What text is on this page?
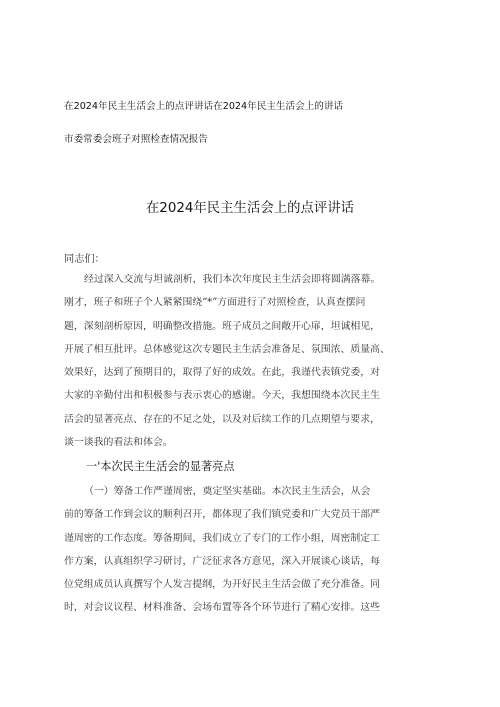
在2024年民主生活会上的点评讲话在2024年民主生活会上的讲话
市委常委会班子对照检查情况报告
在2024年民主生活会上的点评讲话
同志们：
经过深入交流与坦诚剖析，我们本次年度民主生活会即将圆满落幕。
刚才，班子和班子个人紧紧围绕“*”方面进行了对照检查，认真查摆问
题，深刻剖析原因，明确整改措施。班子成员之间敞开心扉，坦诚相见，
开展了相互批评。总体感觉这次专题民主生活会准备足、氛围浓、质量高、
效果好，达到了预期目的，取得了好的成效。在此，我谨代表镇党委，对
大家的辛勤付出和积极参与表示衷心的感谢。今天，我想围绕本次民主生
活会的显著亮点、存在的不足之处，以及对后续工作的几点期望与要求，
谈一谈我的看法和体会。
一'本次民主生活会的显著亮点
（一）筹备工作严谨周密，奠定坚实基础。本次民主生活会，从会
前的筹备工作到会议的顺利召开，都体现了我们镇党委和广大党员干部严
谨周密的工作态度。筹备期间，我们成立了专门的工作小组，周密制定工
作方案，认真组织学习研讨，广泛征求各方意见，深入开展谈心谈话，每
位党组成员认真撰写个人发言提纲，为开好民主生活会做了充分准备。同
时，对会议议程、材料准备、会场布置等各个环节进行了精心安排。这些
